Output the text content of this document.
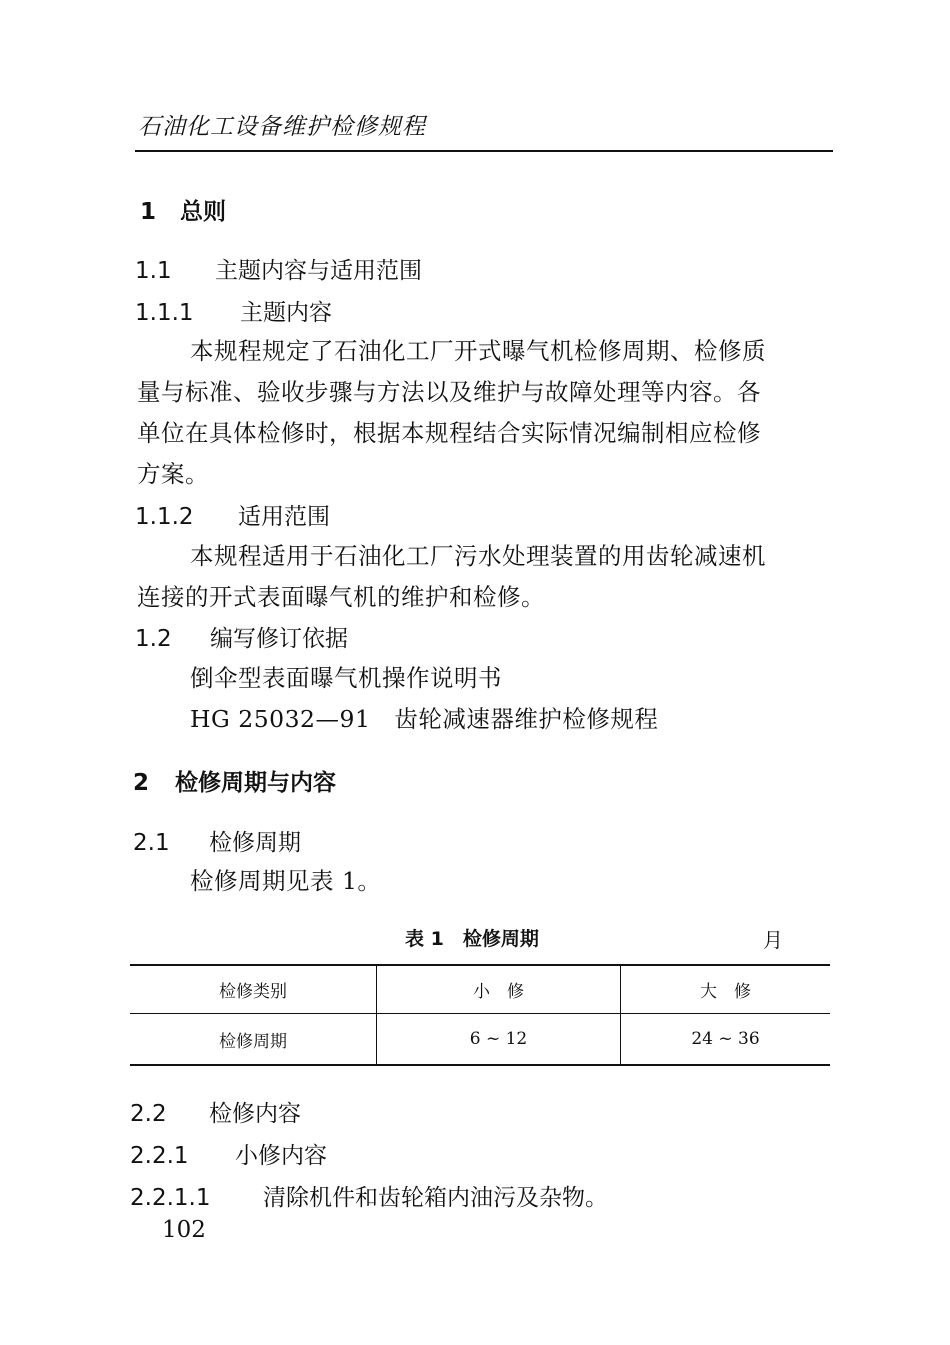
石油化工设备维护检修规程
1 总则
1.1 主题内容与适用范围
1.1.1 主题内容
本规程规定了石油化工厂开式曝气机检修周期、检修质
量与标准、验收步骤与方法以及维护与故障处理等内容。各
单位在具体检修时，根据本规程结合实际情况编制相应检修
方案。
1.1.2 适用范围
本规程适用于石油化工厂污水处理装置的用齿轮减速机
连接的开式表面曝气机的维护和检修。
1.2 编写修订依据
倒伞型表面曝气机操作说明书
HG 25032—91　齿轮减速器维护检修规程
2 检修周期与内容
2.1 检修周期
检修周期见表 1。
表 1　检修周期	月
检修类别	小　修	大　修
检修周期	6 ~ 12	24 ~ 36
2.2 检修内容
2.2.1 小修内容
2.2.1.1 清除机件和齿轮箱内油污及杂物。
102
